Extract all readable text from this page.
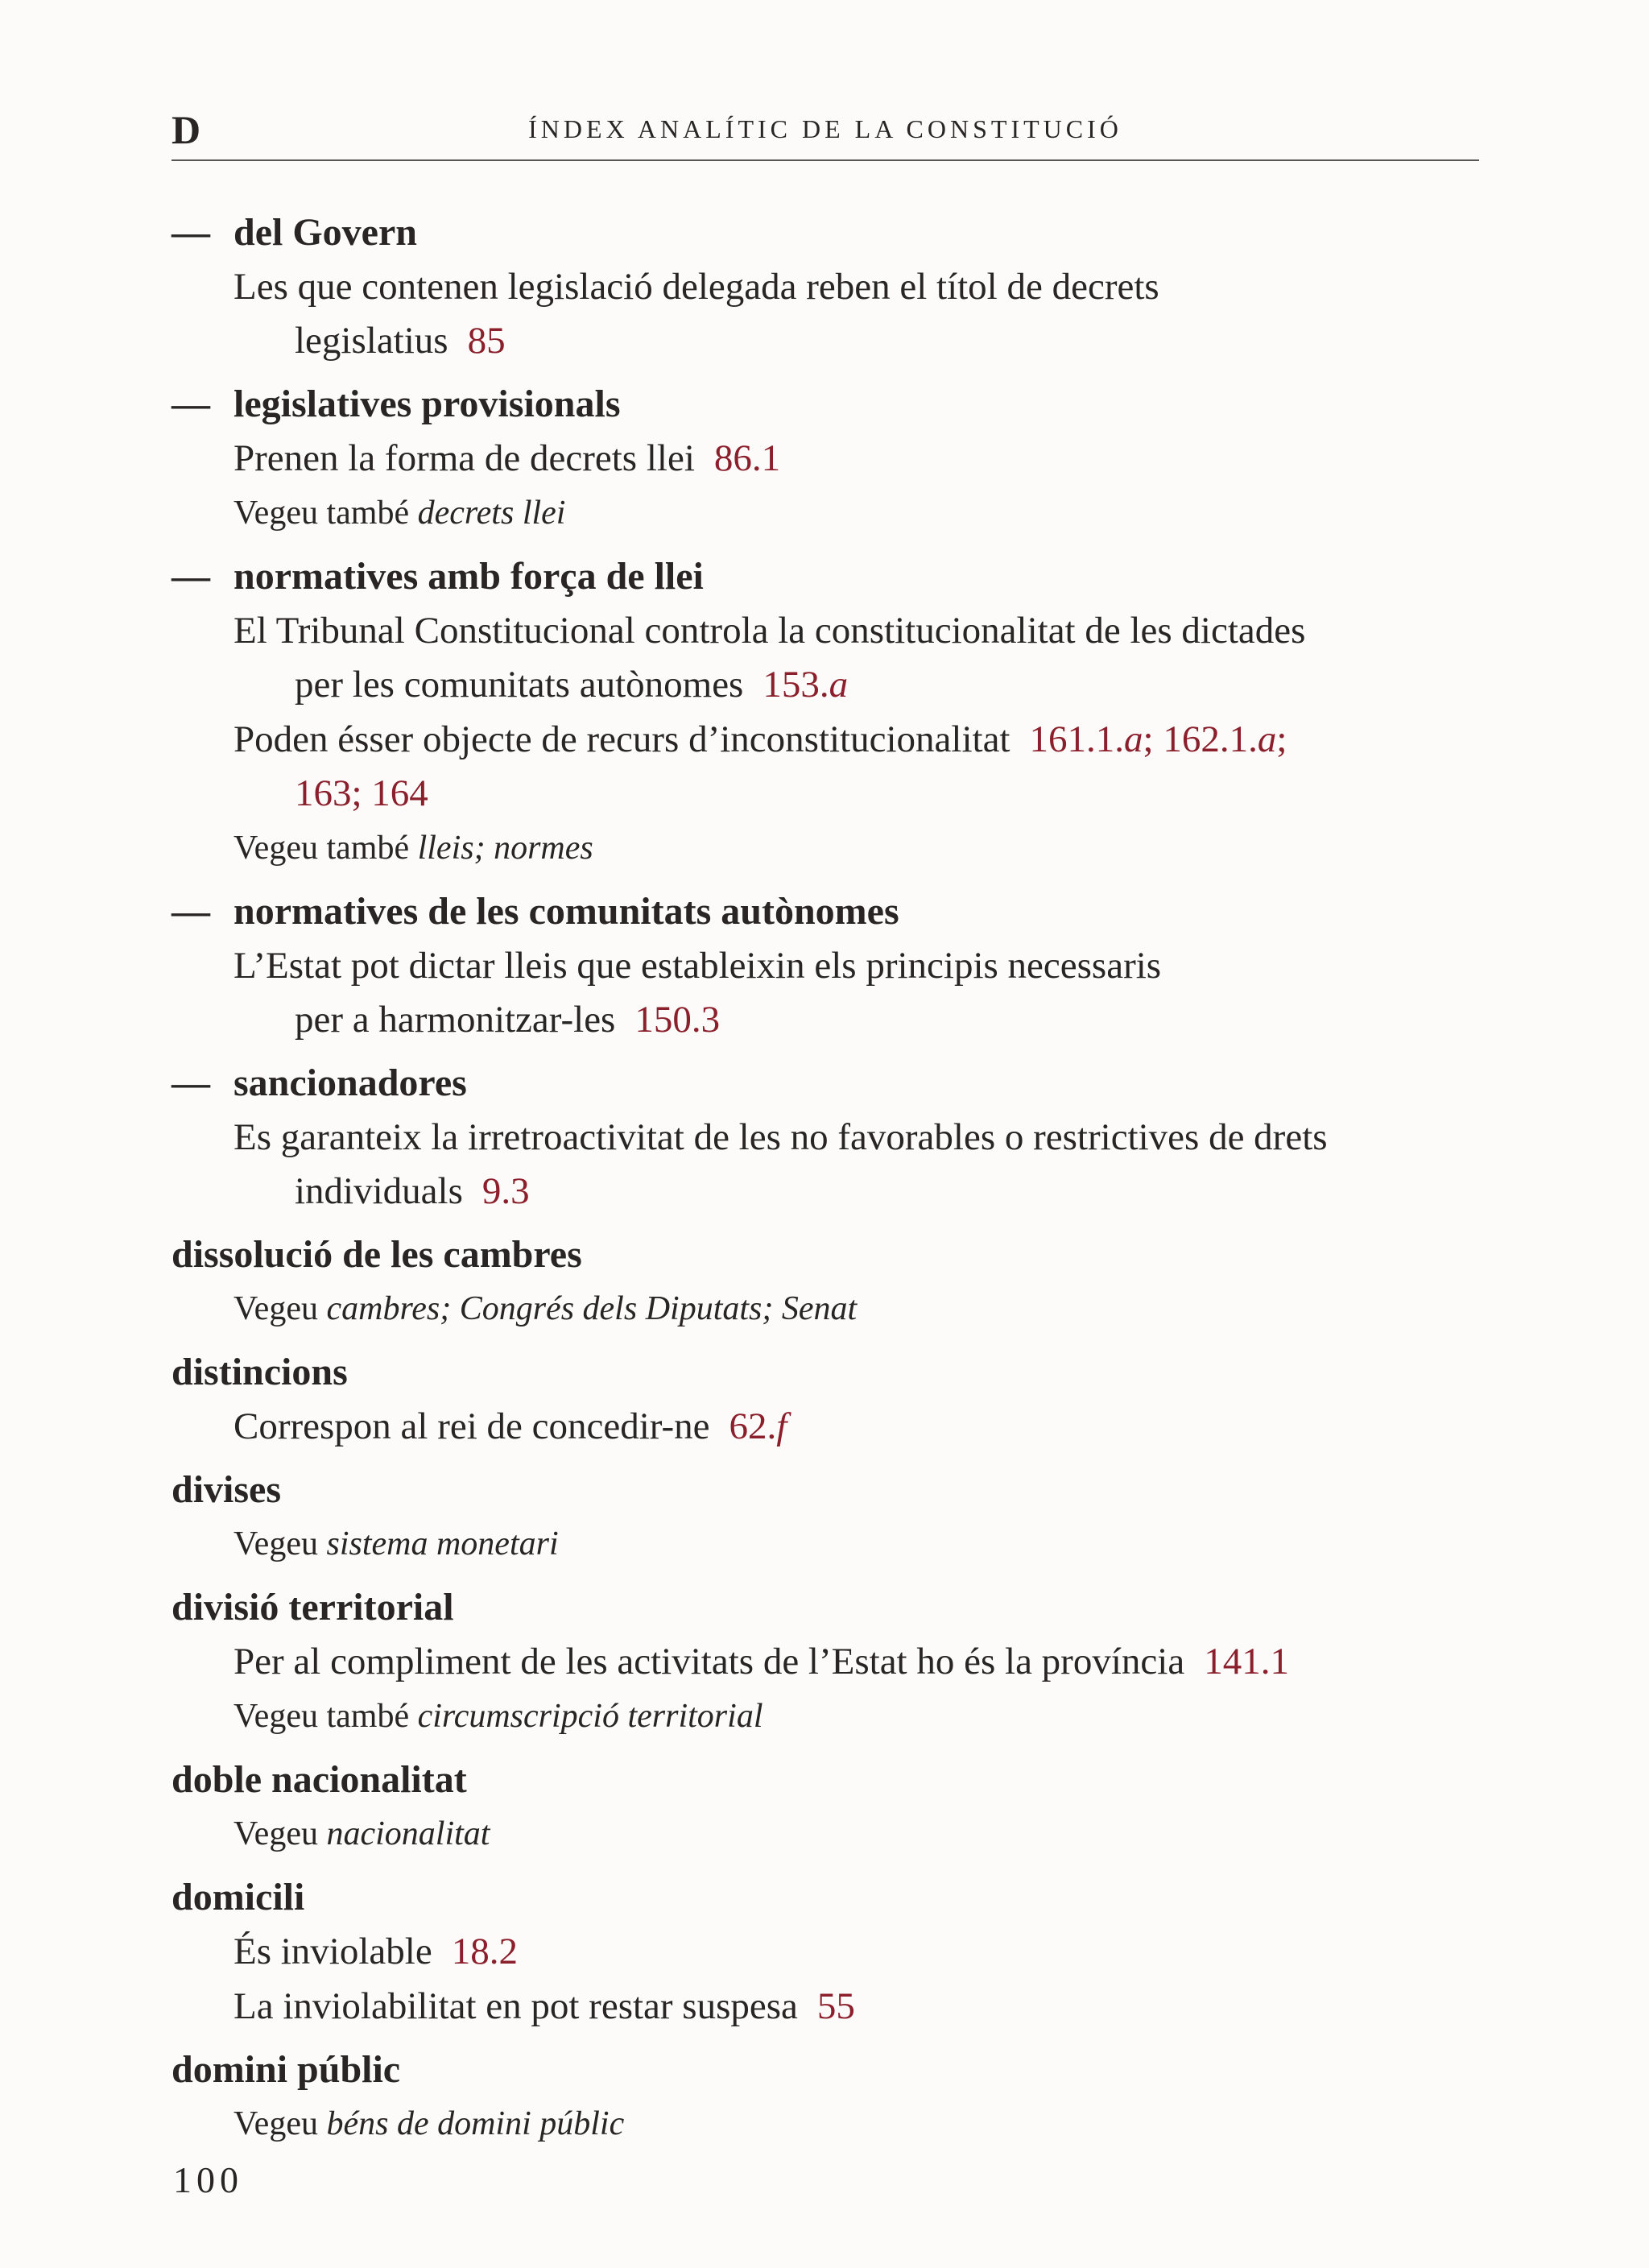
D	ÍNDEX ANALÍTIC DE LA CONSTITUCIÓ
— del Govern
Les que contenen legislació delegada reben el títol de decrets
legislatius 85
— legislatives provisionals
Prenen la forma de decrets llei 86.1
Vegeu també decrets llei
— normatives amb força de llei
El Tribunal Constitucional controla la constitucionalitat de les dictades
per les comunitats autònomes 153.a
Poden ésser objecte de recurs d’inconstitucionalitat 161.1.a; 162.1.a;
163; 164
Vegeu també lleis; normes
— normatives de les comunitats autònomes
L’Estat pot dictar lleis que estableixin els principis necessaris
per a harmonitzar-les 150.3
— sancionadores
Es garanteix la irretroactivitat de les no favorables o restrictives de drets
individuals 9.3
dissolució de les cambres
Vegeu cambres; Congrés dels Diputats; Senat
distincions
Correspon al rei de concedir-ne 62.f
divises
Vegeu sistema monetari
divisió territorial
Per al compliment de les activitats de l’Estat ho és la província 141.1
Vegeu també circumscripció territorial
doble nacionalitat
Vegeu nacionalitat
domicili
És inviolable 18.2
La inviolabilitat en pot restar suspesa 55
domini públic
Vegeu béns de domini públic
100
